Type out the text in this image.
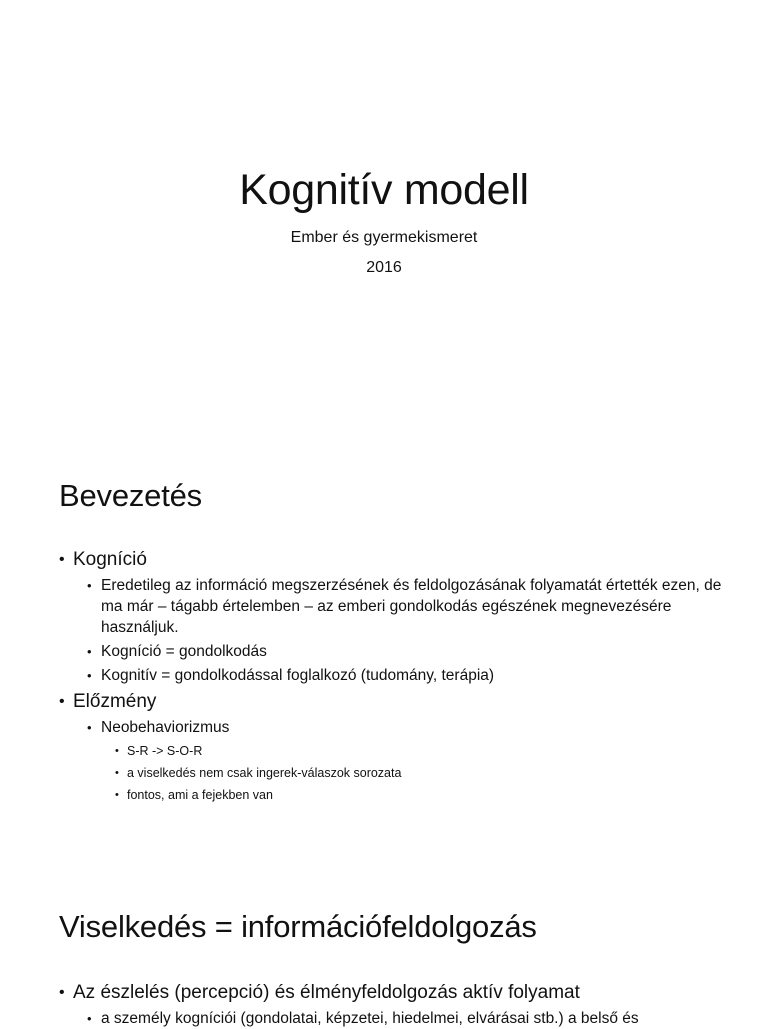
Kognitív modell

Ember és gyermekismeret

2016

Bevezetés
• Kogníció
• Eredetileg az információ megszerzésének és feldolgozásának folyamatát értették ezen, de ma már – tágabb értelemben – az emberi gondolkodás egészének megnevezésére használjuk.
• Kogníció = gondolkodás
• Kognitív = gondolkodással foglalkozó (tudomány, terápia)
• Előzmény
• Neobehaviorizmus
• S-R -> S-O-R
• a viselkedés nem csak ingerek-válaszok sorozata
• fontos, ami a fejekben van
Viselkedés = információfeldolgozás
• Az észlelés (percepció) és élményfeldolgozás aktív folyamat
• a személy kogníciói (gondolatai, képzetei, hiedelmei, elvárásai stb.) a belső és
